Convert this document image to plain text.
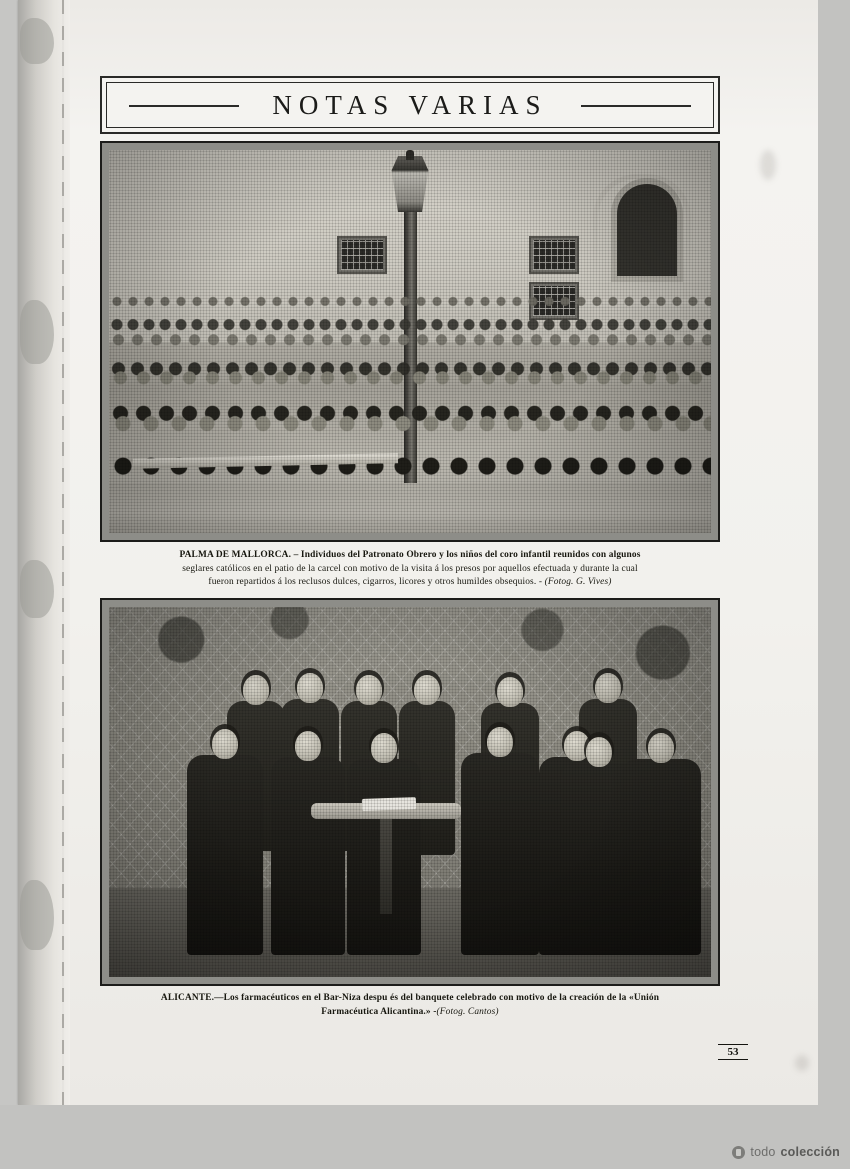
NOTAS VARIAS
PALMA DE MALLORCA. – Individuos del Patronato Obrero y los niños del coro infantil reunidos con algunos
seglares católicos en el patio de la carcel con motivo de la visita á los presos por aquellos efectuada y durante la cual
fueron repartidos á los reclusos dulces, cigarros, licores y otros humildes obsequios. - (Fotog. G. Vives)
ALICANTE.—Los farmacéuticos en el Bar-Niza despu és del banquete celebrado con motivo de la creación de la «Unión
Farmacéutica Alicantina.» -(Fotog. Cantos)
53
todo colección
